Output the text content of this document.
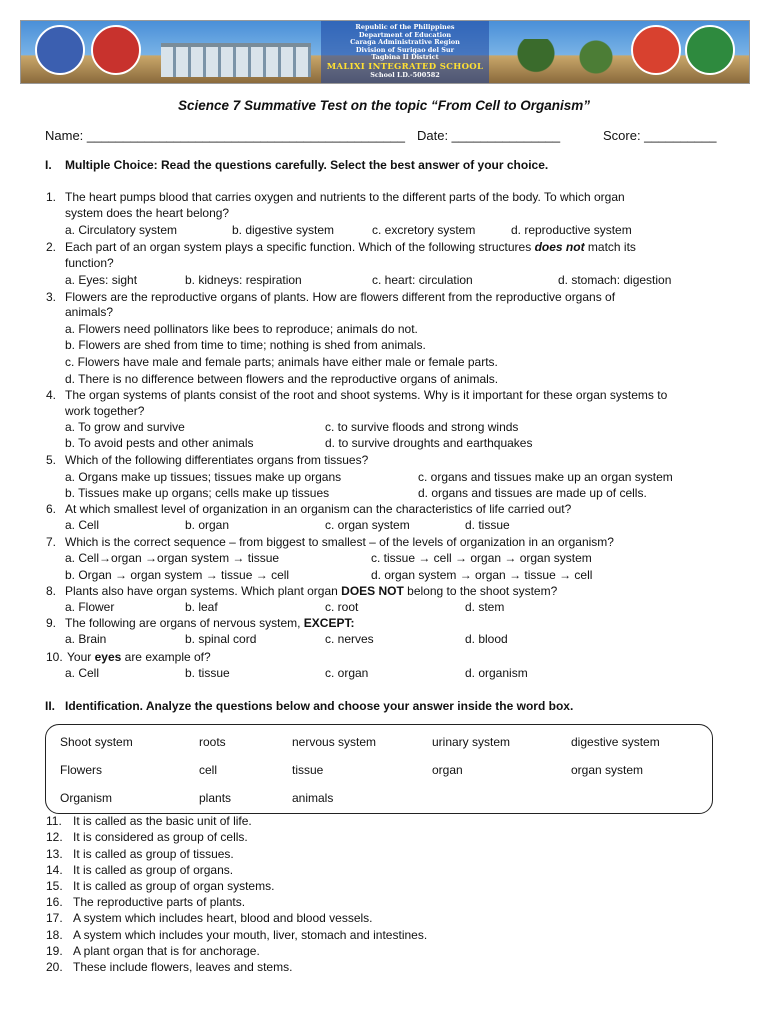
Republic of the Philippines
Department of Education
Caraga Administrative Region
Division of Surigao del Sur
Tagbina II District
MALIXI INTEGRATED SCHOOL
School I.D.-500582
Science 7 Summative Test on the topic “From Cell to Organism”
Name: ____________________________________________ Date: _______________	Score: __________
I. Multiple Choice: Read the questions carefully. Select the best answer of your choice.
1. The heart pumps blood that carries oxygen and nutrients to the different parts of the body. To which organ
system does the heart belong?
a. Circulatory system	b. digestive system	c. excretory system	d. reproductive system
2. Each part of an organ system plays a specific function. Which of the following structures does not match its
function?
a. Eyes: sight	b. kidneys: respiration	c. heart: circulation	d. stomach: digestion
3. Flowers are the reproductive organs of plants. How are flowers different from the reproductive organs of
animals?
a. Flowers need pollinators like bees to reproduce; animals do not.
b. Flowers are shed from time to time; nothing is shed from animals.
c. Flowers have male and female parts; animals have either male or female parts.
d. There is no difference between flowers and the reproductive organs of animals.
4. The organ systems of plants consist of the root and shoot systems. Why is it important for these organ systems to
work together?
a. To grow and survive	c. to survive floods and strong winds
b. To avoid pests and other animals	d. to survive droughts and earthquakes
5. Which of the following differentiates organs from tissues?
a. Organs make up tissues; tissues make up organs	c. organs and tissues make up an organ system
b. Tissues make up organs; cells make up tissues	d. organs and tissues are made up of cells.
6. At which smallest level of organization in an organism can the characteristics of life carried out?
a. Cell	b. organ	c. organ system	d. tissue
7. Which is the correct sequence – from biggest to smallest – of the levels of organization in an organism?
a. Cell→organ →organ system → tissue	c. tissue → cell → organ → organ system
b. Organ → organ system → tissue → cell	d. organ system → organ → tissue → cell
8. Plants also have organ systems. Which plant organ DOES NOT belong to the shoot system?
a. Flower	b. leaf	c. root	d. stem
9. The following are organs of nervous system, EXCEPT:
a. Brain	b. spinal cord	c. nerves	d. blood
10. Your eyes are example of?
a. Cell	b. tissue	c. organ	d. organism
II. Identification. Analyze the questions below and choose your answer inside the word box.
Shoot system	roots	nervous system	urinary system	digestive system
Flowers	cell	tissue	organ	organ system
Organism	plants	animals
11. It is called as the basic unit of life.
12. It is considered as group of cells.
13. It is called as group of tissues.
14. It is called as group of organs.
15. It is called as group of organ systems.
16. The reproductive parts of plants.
17. A system which includes heart, blood and blood vessels.
18. A system which includes your mouth, liver, stomach and intestines.
19. A plant organ that is for anchorage.
20. These include flowers, leaves and stems.
